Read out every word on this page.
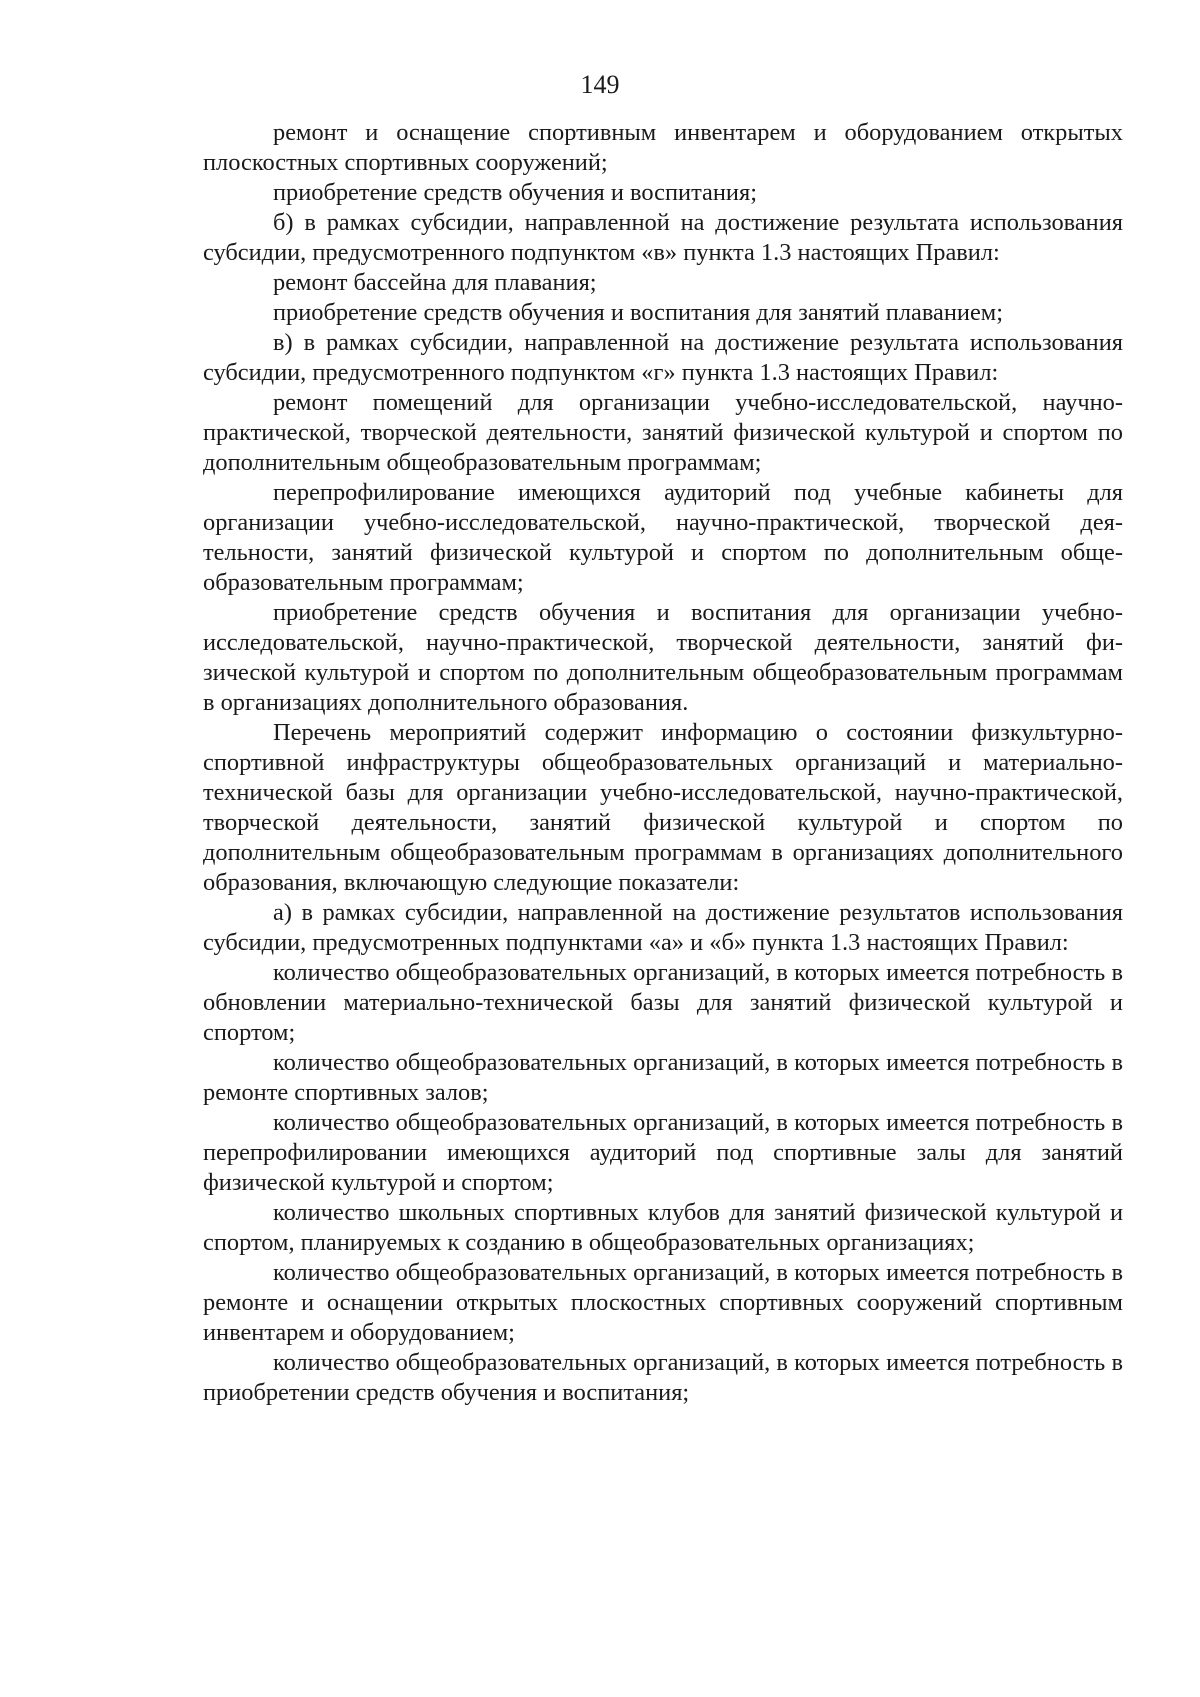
149

ремонт и оснащение спортивным инвентарем и оборудованием открытых плоскостных спортивных сооружений;

приобретение средств обучения и воспитания;

б) в рамках субсидии, направленной на достижение результата использования субсидии, предусмотренного подпунктом «в» пункта 1.3 настоящих Правил:

ремонт бассейна для плавания;

приобретение средств обучения и воспитания для занятий плаванием;

в) в рамках субсидии, направленной на достижение результата использования субсидии, предусмотренного подпунктом «г» пункта 1.3 настоящих Правил:

ремонт помещений для организации учебно-исследовательской, научно-практической, творческой деятельности, занятий физической культурой и спортом по дополнительным общеобразовательным программам;

перепрофилирование имеющихся аудиторий под учебные кабинеты для организации учебно-исследовательской, научно-практической, творческой деятельности, занятий физической культурой и спортом по дополнительным общеобразовательным программам;

приобретение средств обучения и воспитания для организации учебно-исследовательской, научно-практической, творческой деятельности, занятий физической культурой и спортом по дополнительным общеобразовательным программам в организациях дополнительного образования.

Перечень мероприятий содержит информацию о состоянии физкультурно-спортивной инфраструктуры общеобразовательных организаций и материально-технической базы для организации учебно-исследовательской, научно-практической, творческой деятельности, занятий физической культурой и спортом по дополнительным общеобразовательным программам в организациях дополнительного образования, включающую следующие показатели:

а) в рамках субсидии, направленной на достижение результатов использования субсидии, предусмотренных подпунктами «а» и «б» пункта 1.3 настоящих Правил:

количество общеобразовательных организаций, в которых имеется потребность в обновлении материально-технической базы для занятий физической культурой и спортом;

количество общеобразовательных организаций, в которых имеется потребность в ремонте спортивных залов;

количество общеобразовательных организаций, в которых имеется потребность в перепрофилировании имеющихся аудиторий под спортивные залы для занятий физической культурой и спортом;

количество школьных спортивных клубов для занятий физической культурой и спортом, планируемых к созданию в общеобразовательных организациях;

количество общеобразовательных организаций, в которых имеется потребность в ремонте и оснащении открытых плоскостных спортивных сооружений спортивным инвентарем и оборудованием;

количество общеобразовательных организаций, в которых имеется потребность в приобретении средств обучения и воспитания;
